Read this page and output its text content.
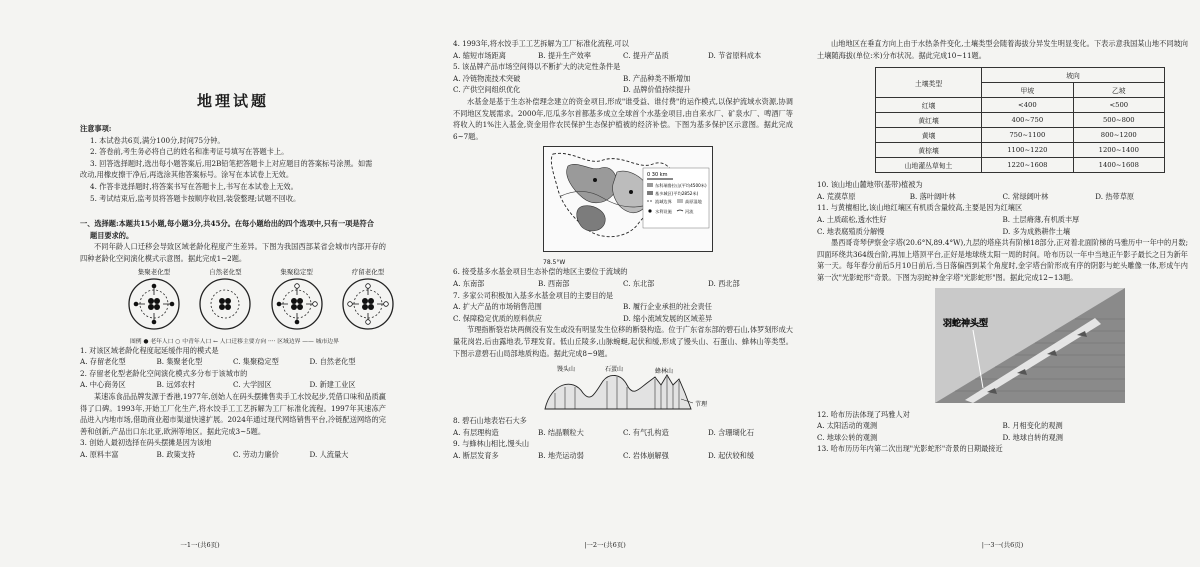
地理试题

注意事项:

1. 本试卷共6页,满分100分,时间75分钟。

2. 答卷前,考生务必将自己的姓名和准考证号填写在答题卡上。

3. 回答选择题时,选出每小题答案后,用2B铅笔把答题卡上对应题目的答案标号涂黑。如需

改动,用橡皮擦干净后,再选涂其他答案标号。涂写在本试卷上无效。

4. 作答非选择题时,将答案书写在答题卡上,书写在本试卷上无效。

5. 考试结束后,监考员将答题卡按顺序收回,装袋整理;试题不回收。

一、选择题:本题共15小题,每小题3分,共45分。在每小题给出的四个选项中,只有一项是符合

题目要求的。

不同年龄人口迁移会导致区域老龄化程度产生差异。下图为我国西部某省会城市内部开存的四种老龄化空间演化模式示意图。据此完成1~2题。

集聚老化型	自然老化型	集聚稳定型	疗留老化型
图例 ● 老年人口 ○ 中青年人口 ← 人口迁移主要方向 ···· 区域边界 —— 城市边界

1. 对该区域老龄化程度起延缓作用的模式是

A. 存留老化型	B. 集聚老化型	C. 集聚稳定型	D. 自然老化型

2. 存留老化型老龄化空间演化模式多分布于该城市的

A. 中心商务区	B. 远郊农村	C. 大学园区	D. 新建工业区

某速冻食品品牌发源于香港,1977年,创始人在码头摆摊售卖手工水饺起步,凭借口味和品质赢得了口碑。1993年,开始工厂化生产,将水饺手工工艺拆解为工厂标准化流程。1997年其速冻产品进入内地市场,借助商业超市渠道快速扩展。2024年通过现代网络销售平台,冷链配送网络的完善和创新,产品出口东北亚,欧洲等地区。据此完成3~5题。

3. 创始人最初选择在码头摆摊是因为该地

A. 原料丰富	B. 政策支持	C. 劳动力廉价	D. 人流量大
一1一(共6页)

4. 1993年,将水饺手工工艺拆解为工厂标准化流程,可以

A. 缩短市场距离	B. 提升生产效率	C. 提升产品质	D. 节省原料成本

5. 该品牌产品市场空间得以不断扩大的决定性条件是

A. 冷链物流技术突破	B. 产品种类不断增加
C. 产供空间组织优化	D. 品牌价值持续提升

水基金是基于生态补偿理念建立的资金项目,形成"谁受益、谁付费"的运作模式,以保护流域水资源,协调不同地区发展需求。2000年,厄瓜多尔首都基多成立全球首个水基金项目,由自来水厂、矿泉水厂、啤酒厂等将收入的1%注入基金,资金用作农民保护生态保护植被的经济补偿。下图为基多保护区示意图。据此完成6~7题。

0 30 km
东科瑞鲁拉山(平均4500米)
基多城区(平均2852米)
流域边界	高原湿地
水利设施	河流
78.5°W

6. 接受基多水基金项目生态补偿的地区主要位于流域的

A. 东南部	B. 西南部	C. 东北部	D. 西北部

7. 多家公司积极加入基多水基金项目的主要目的是

A. 扩大产品的市场销售范围	B. 履行企业承担的社会责任
C. 保障稳定优质的原料供应	D. 缩小流域发展的区域差异

节理指断裂岩块两侧没有发生或没有明显发生位移的断裂构造。位于广东省东部的碧石山,体罗刻形成大量花岗岩,后由露地表,节理发育。低山丘陵多,山脉蜿蜒,起伏和缓,形成了馒头山、石蛋山、蜂林山等类型。下图示意碧石山局部地质构造。据此完成8~9题。

馒头山	石蛋山	蜂林山
节理

8. 碧石山地表岩石大多

A. 有层理构造	B. 结晶颗粒大	C. 有气孔构造	D. 含珊瑚化石

9. 与蜂林山相比,馒头山

A. 断层发育多	B. 地壳运动弱	C. 岩体崩解强	D. 起伏较和缓
|一2一(共6页)

山地地区在垂直方向上由于水热条件变化,土壤类型会随着海拔分异发生明显变化。下表示意我国某山地不同坡向土壤随海拔(单位:米)分布状况。据此完成10~11题。

土壤类型	坡向	
	甲坡	乙坡
红壤	<400	<500
黄红壤	400~750	500~800
黄壤	750~1100	800~1200
黄棕壤	1100~1220	1200~1400
山地灌丛草甸土	1220~1608	1400~1608

10. 该山地山麓地带(基带)植被为

A. 荒漠草原	B. 落叶阔叶林	C. 常绿阔叶林	D. 热带草原

11. 与黄檀相比,该山地红壤区有机质含量较高,主要是因为红壤区

A. 土质疏松,透水性好	B. 土层瘠薄,有机质丰厚
C. 地表腐殖质分解慢	D. 多为成熟耕作土壤

墨西哥奇琴伊察金字塔(20.6°N,89.4°W),九层的塔座共有阶梯18部分,正对着北面阶梯的马雅历中一年中的月数;四面环绕共364级台阶,再加上塔顶平台,正好是地球绕太阳一周的时间。哈布历以一年中当地正午影子最长之日为新年第一天。每年春分前后5月10日前后,当日落偏西到某个角度时,金字塔台阶形成有序的阴影与蛇头雕像一体,形成午内第一次"光影蛇形"奇景。下图为羽蛇神金字塔"光影蛇形"图。据此完成12~13题。

羽蛇神头型

12. 哈布历法体现了玛雅人对

A. 太阳活动的观测	B. 月相变化的观测
C. 地球公转的观测	D. 地球自转的观测

13. 哈布历历年内第二次出现"光影蛇形"奇景的日期最接近

|一3一(共6页)
